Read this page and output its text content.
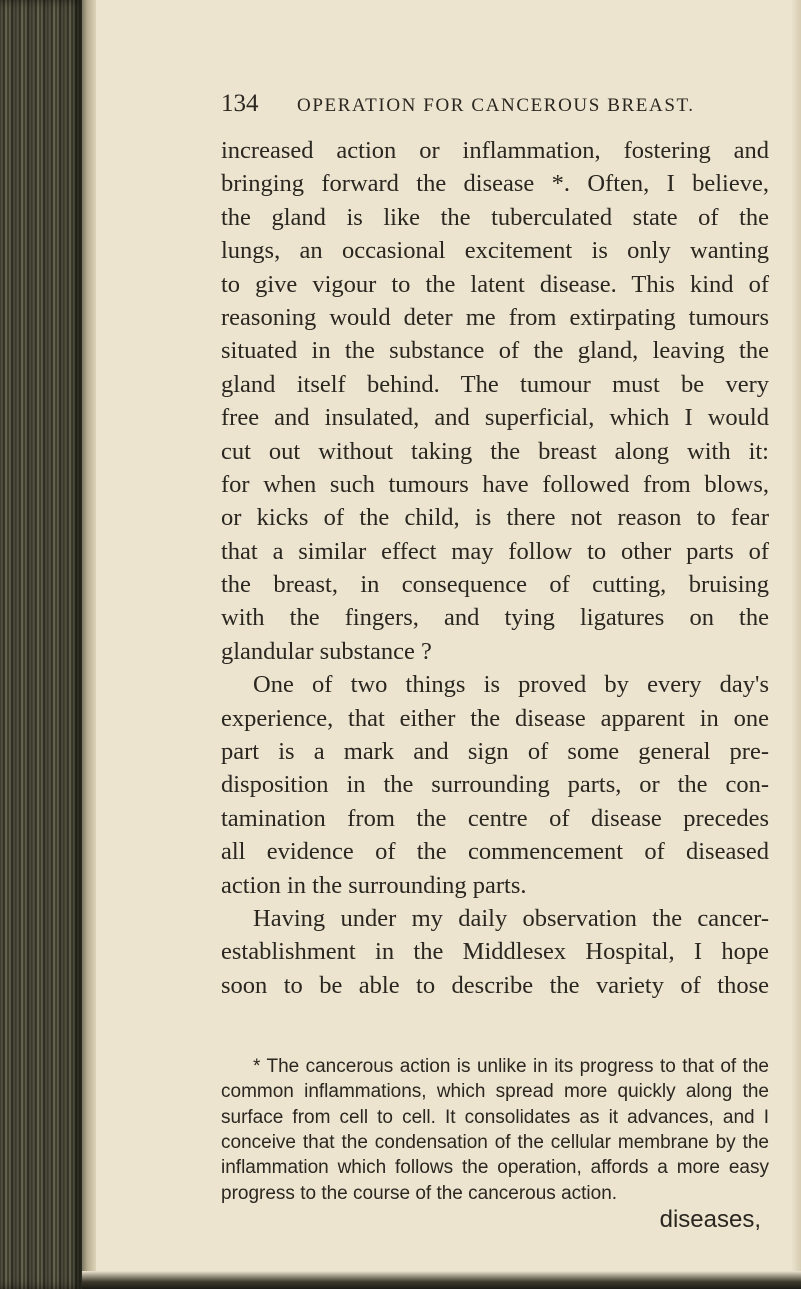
134	OPERATION FOR CANCEROUS BREAST.
increased action or inflammation, fostering and
bringing forward the disease *. Often, I believe,
the gland is like the tuberculated state of the
lungs, an occasional excitement is only wanting
to give vigour to the latent disease. This kind of
reasoning would deter me from extirpating tumours
situated in the substance of the gland, leaving the
gland itself behind. The tumour must be very
free and insulated, and superficial, which I would
cut out without taking the breast along with it:
for when such tumours have followed from blows,
or kicks of the child, is there not reason to fear
that a similar effect may follow to other parts of
the breast, in consequence of cutting, bruising
with the fingers, and tying ligatures on the
glandular substance ?
One of two things is proved by every day's
experience, that either the disease apparent in one
part is a mark and sign of some general pre-
disposition in the surrounding parts, or the con-
tamination from the centre of disease precedes
all evidence of the commencement of diseased
action in the surrounding parts.
Having under my daily observation the cancer-
establishment in the Middlesex Hospital, I hope
soon to be able to describe the variety of those
* The cancerous action is unlike in its progress to that of the
common inflammations, which spread more quickly along the
surface from cell to cell. It consolidates as it advances, and I
conceive that the condensation of the cellular membrane by the
inflammation which follows the operation, affords a more easy
progress to the course of the cancerous action.
diseases,
